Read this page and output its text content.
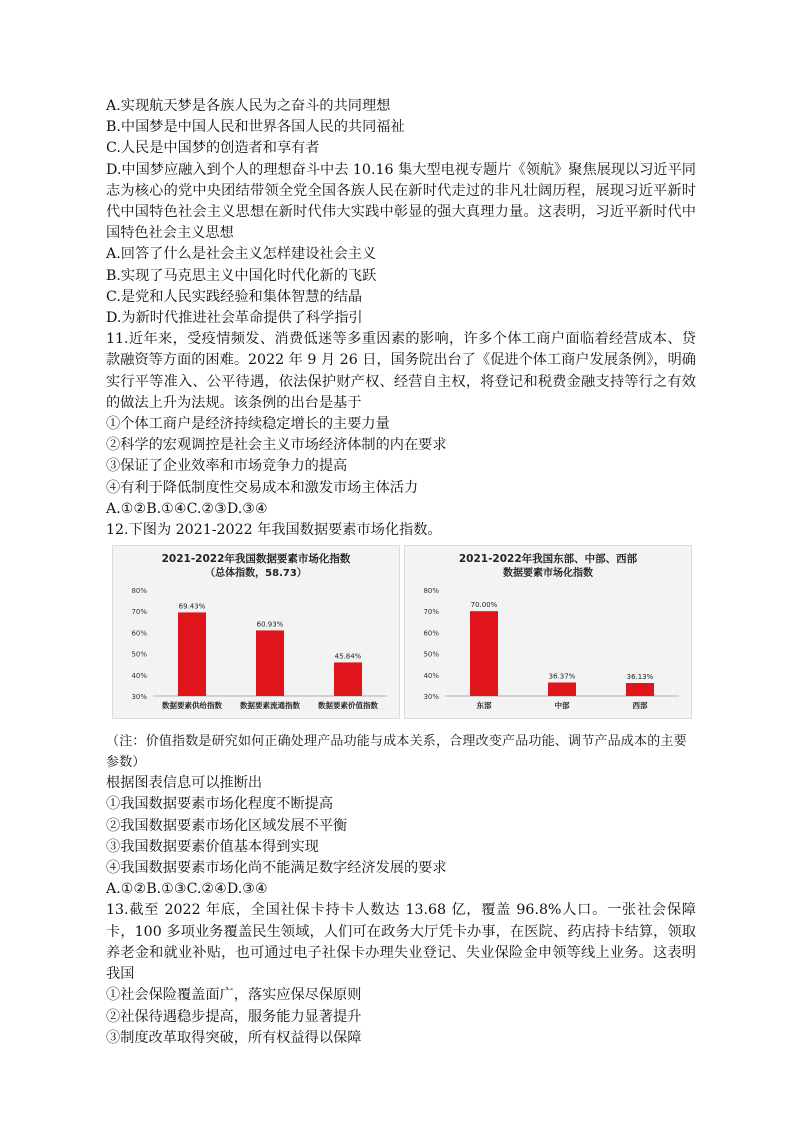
A.实现航天梦是各族人民为之奋斗的共同理想
B.中国梦是中国人民和世界各国人民的共同福祉
C.人民是中国梦的创造者和享有者
D.中国梦应融入到个人的理想奋斗中去 10.16 集大型电视专题片《领航》聚焦展现以习近平同志为核心的党中央团结带领全党全国各族人民在新时代走过的非凡壮阔历程，展现习近平新时代中国特色社会主义思想在新时代伟大实践中彰显的强大真理力量。这表明，习近平新时代中国特色社会主义思想
A.回答了什么是社会主义怎样建设社会主义
B.实现了马克思主义中国化时代化新的飞跃
C.是党和人民实践经验和集体智慧的结晶
D.为新时代推进社会革命提供了科学指引
11.近年来，受疫情频发、消费低迷等多重因素的影响，许多个体工商户面临着经营成本、贷款融资等方面的困难。2022 年 9 月 26 日，国务院出台了《促进个体工商户发展条例》，明确实行平等准入、公平待遇，依法保护财产权、经营自主权，将登记和税费金融支持等行之有效的做法上升为法规。该条例的出台是基于
①个体工商户是经济持续稳定增长的主要力量
②科学的宏观调控是社会主义市场经济体制的内在要求
③保证了企业效率和市场竞争力的提高
④有利于降低制度性交易成本和激发市场主体活力
A.①②B.①④C.②③D.③④
12.下图为 2021-2022 年我国数据要素市场化指数。
2021-2022年我国数据要素市场化指数
（总体指数，58.73）
80%
70%
60%
50%
40%
30%
69.43%
数据要素供给指数
60.93%
数据要素流通指数
45.84%
数据要素价值指数
2021-2022年我国东部、中部、西部
数据要素市场化指数
80%
70%
60%
50%
40%
30%
70.00%
东部
36.37%
中部
36.13%
西部
（注：价值指数是研究如何正确处理产品功能与成本关系，合理改变产品功能、调节产品成本的主要参数）
根据图表信息可以推断出
①我国数据要素市场化程度不断提高
②我国数据要素市场化区域发展不平衡
③我国数据要素价值基本得到实现
④我国数据要素市场化尚不能满足数字经济发展的要求
A.①②B.①③C.②④D.③④
13.截至 2022 年底，全国社保卡持卡人数达 13.68 亿，覆盖 96.8%人口。一张社会保障卡，100 多项业务覆盖民生领域，人们可在政务大厅凭卡办事，在医院、药店持卡结算，领取养老金和就业补贴，也可通过电子社保卡办理失业登记、失业保险金申领等线上业务。这表明我国
①社会保险覆盖面广，落实应保尽保原则
②社保待遇稳步提高，服务能力显著提升
③制度改革取得突破，所有权益得以保障
